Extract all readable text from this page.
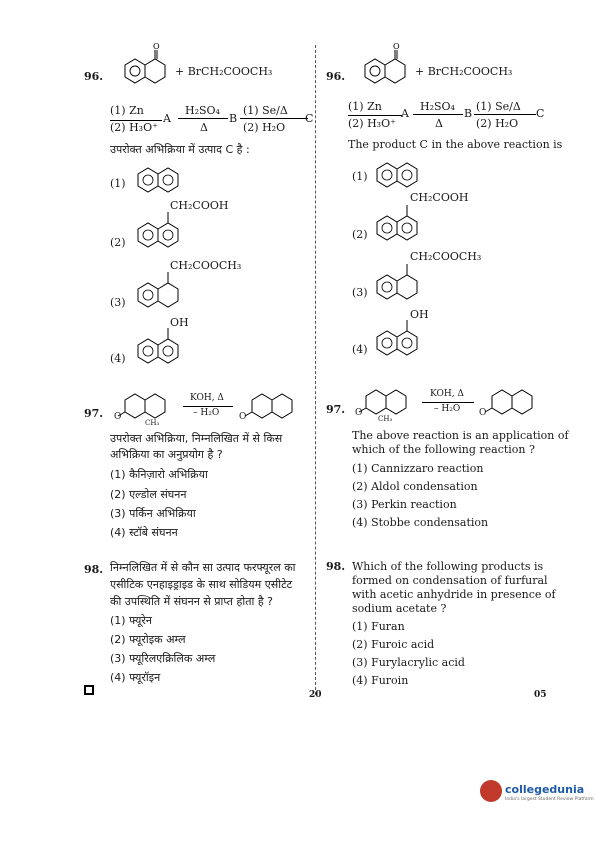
96.
O
+ BrCH₂COOCH₃
(1) Zn
(2) H₃O⁺
A
H₂SO₄
Δ
B
(1) Se/Δ
(2) H₂O
C
उपरोक्त अभिक्रिया में उत्पाद C है :
(1)
CH₂COOH
(2)
CH₂COOCH₃
(3)
OH
(4)
97. O
CH₃
KOH, Δ
– H₂O O
उपरोक्त अभिक्रिया, निम्नलिखित में से किस
अभिक्रिया का अनुप्रयोग है ?
(1) कैनिज़ारो अभिक्रिया
(2) एल्डोल संघनन
(3) पर्किन अभिक्रिया
(4) स्टॉबे संघनन
98. निम्नलिखित में से कौन सा उत्पाद फरफ्यूरल का
एसीटिक एनहाइड्राइड के साथ सोडियम एसीटेट
की उपस्थिति में संघनन से प्राप्त होता है ?
(1) फ्यूरेन
(2) फ्यूरोइक अम्ल
(3) फ्यूरिलएक्रिलिक अम्ल
(4) फ्यूरॉइन
20
96.
O
+ BrCH₂COOCH₃
(1) Zn
(2) H₃O⁺
A
H₂SO₄
Δ
B
(1) Se/Δ
(2) H₂O
C
The product C in the above reaction is
(1)
CH₂COOH
(2)
CH₂COOCH₃
(3)
OH
(4)
97. O
CH₃
KOH, Δ
– H₂O O
The above reaction is an application of
which of the following reaction ?
(1) Cannizzaro reaction
(2) Aldol condensation
(3) Perkin reaction
(4) Stobbe condensation
98. Which of the following products is
formed on condensation of furfural
with acetic anhydride in presence of
sodium acetate ?
(1) Furan
(2) Furoic acid
(3) Furylacrylic acid
(4) Furoin
05
collegedunia
India's largest Student Review Platform
